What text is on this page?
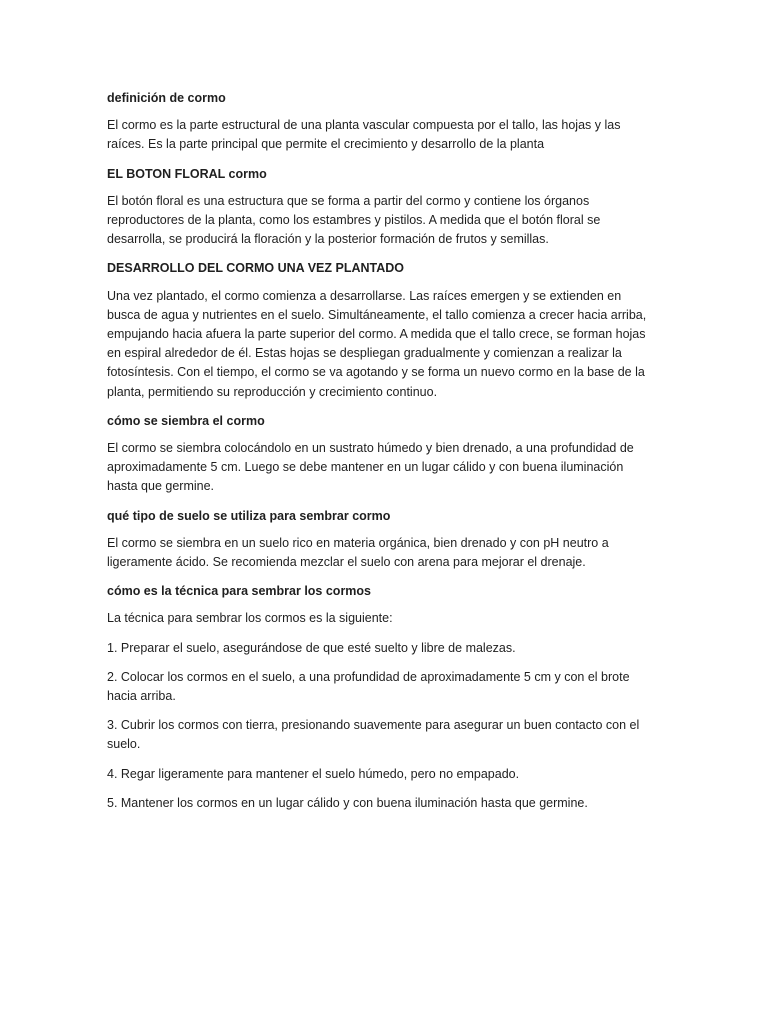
definición de cormo

El cormo es la parte estructural de una planta vascular compuesta por el tallo, las hojas y las raíces. Es la parte principal que permite el crecimiento y desarrollo de la planta

EL BOTON FLORAL cormo

El botón floral es una estructura que se forma a partir del cormo y contiene los órganos reproductores de la planta, como los estambres y pistilos. A medida que el botón floral se desarrolla, se producirá la floración y la posterior formación de frutos y semillas.

DESARROLLO DEL CORMO UNA VEZ PLANTADO

Una vez plantado, el cormo comienza a desarrollarse. Las raíces emergen y se extienden en busca de agua y nutrientes en el suelo. Simultáneamente, el tallo comienza a crecer hacia arriba, empujando hacia afuera la parte superior del cormo. A medida que el tallo crece, se forman hojas en espiral alrededor de él. Estas hojas se despliegan gradualmente y comienzan a realizar la fotosíntesis. Con el tiempo, el cormo se va agotando y se forma un nuevo cormo en la base de la planta, permitiendo su reproducción y crecimiento continuo.

cómo se siembra el cormo

El cormo se siembra colocándolo en un sustrato húmedo y bien drenado, a una profundidad de aproximadamente 5 cm. Luego se debe mantener en un lugar cálido y con buena iluminación hasta que germine.

qué tipo de suelo se utiliza para sembrar cormo

El cormo se siembra en un suelo rico en materia orgánica, bien drenado y con pH neutro a ligeramente ácido. Se recomienda mezclar el suelo con arena para mejorar el drenaje.

cómo es la técnica para sembrar los cormos

La técnica para sembrar los cormos es la siguiente:

1. Preparar el suelo, asegurándose de que esté suelto y libre de malezas.

2. Colocar los cormos en el suelo, a una profundidad de aproximadamente 5 cm y con el brote hacia arriba.

3. Cubrir los cormos con tierra, presionando suavemente para asegurar un buen contacto con el suelo.

4. Regar ligeramente para mantener el suelo húmedo, pero no empapado.

5. Mantener los cormos en un lugar cálido y con buena iluminación hasta que germine.
